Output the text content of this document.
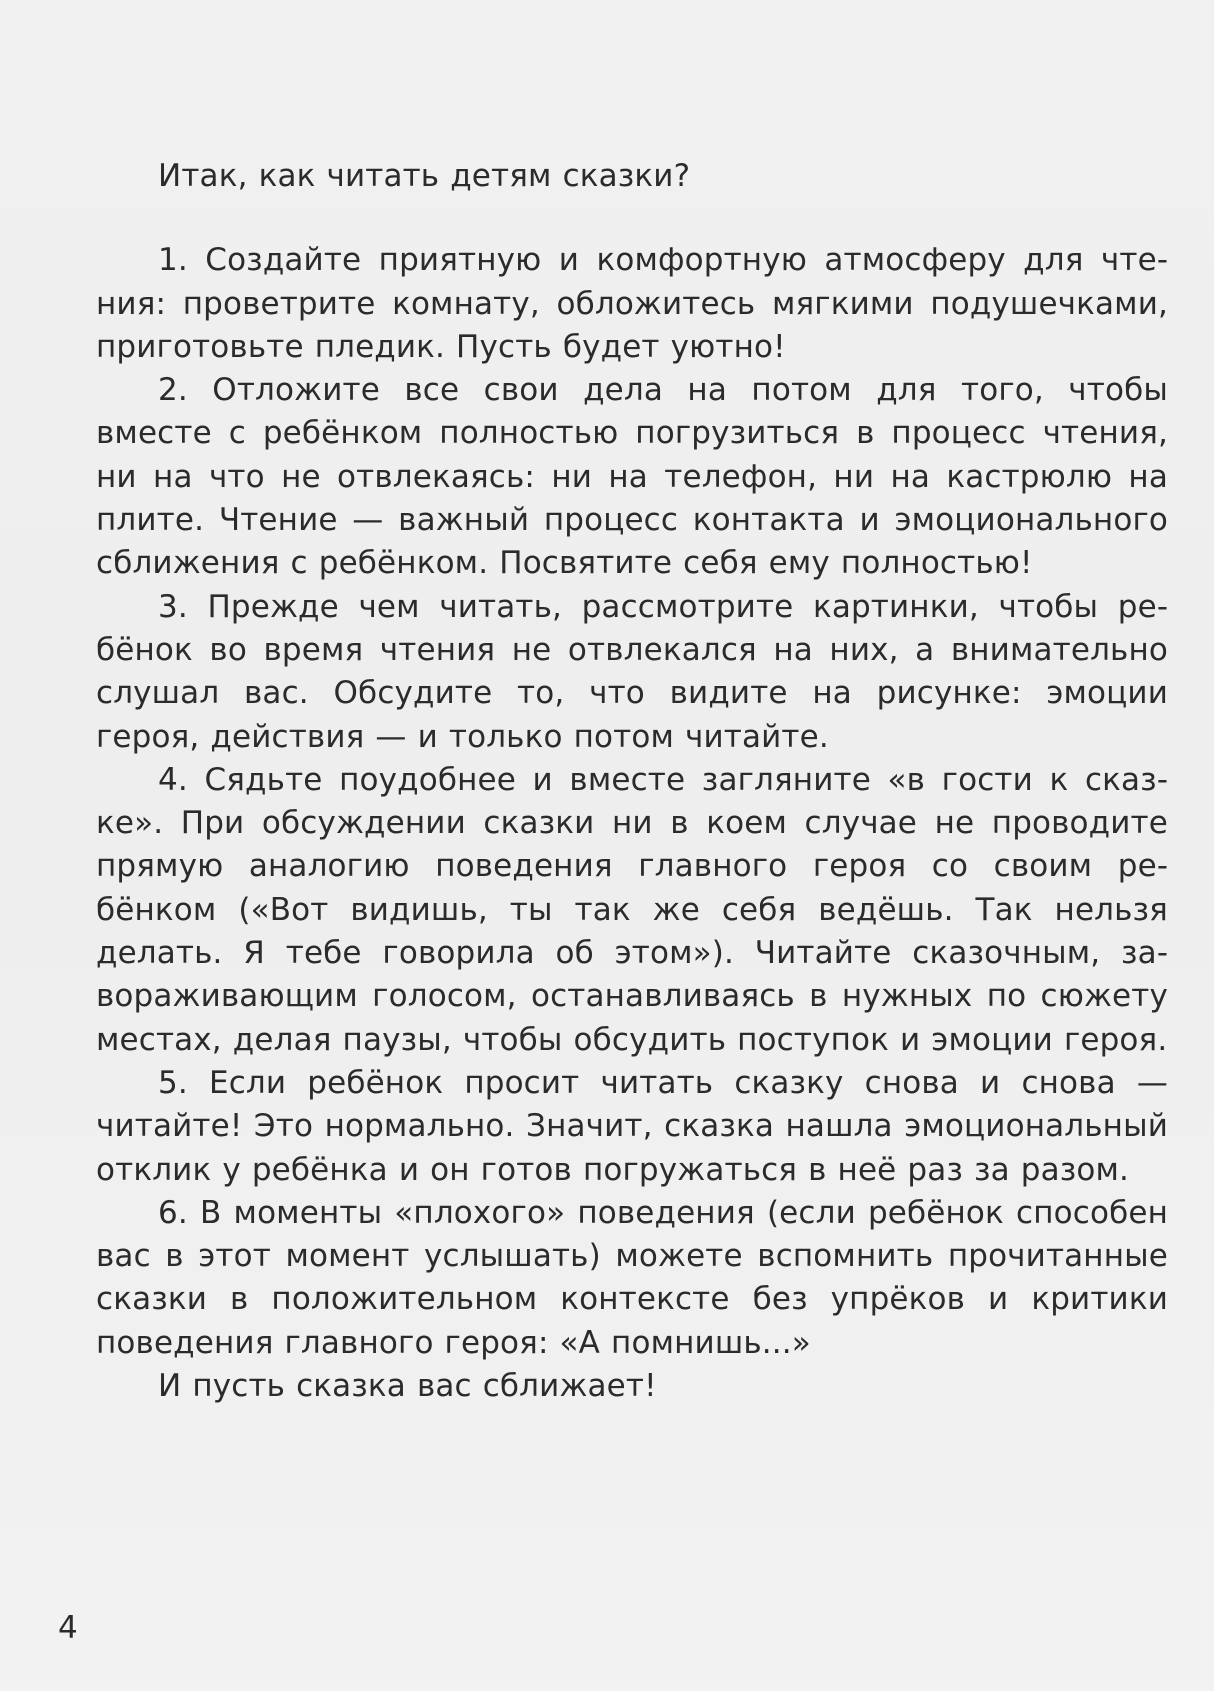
Итак, как читать детям сказки?

1. Создайте приятную и комфортную атмосферу для чтения: проветрите комнату, обложитесь мягкими подушечками, приготовьте пледик. Пусть будет уютно!

2. Отложите все свои дела на потом для того, чтобы вместе с ребёнком полностью погрузиться в процесс чтения, ни на что не отвлекаясь: ни на телефон, ни на кастрюлю на плите. Чтение — важный процесс контакта и эмоционального сближения с ребёнком. Посвятите себя ему полностью!

3. Прежде чем читать, рассмотрите картинки, чтобы ребёнок во время чтения не отвлекался на них, а внимательно слушал вас. Обсудите то, что видите на рисунке: эмоции героя, действия — и только потом читайте.

4. Сядьте поудобнее и вместе загляните «в гости к сказке». При обсуждении сказки ни в коем случае не проводите прямую аналогию поведения главного героя со своим ребёнком («Вот видишь, ты так же себя ведёшь. Так нельзя делать. Я тебе говорила об этом»). Читайте сказочным, завораживающим голосом, останавливаясь в нужных по сюжету местах, делая паузы, чтобы обсудить поступок и эмоции героя.

5. Если ребёнок просит читать сказку снова и снова — читайте! Это нормально. Значит, сказка нашла эмоциональный отклик у ребёнка и он готов погружаться в неё раз за разом.

6. В моменты «плохого» поведения (если ребёнок способен вас в этот момент услышать) можете вспомнить прочитанные сказки в положительном контексте без упрёков и критики поведения главного героя: «А помнишь...»

И пусть сказка вас сближает!

4
